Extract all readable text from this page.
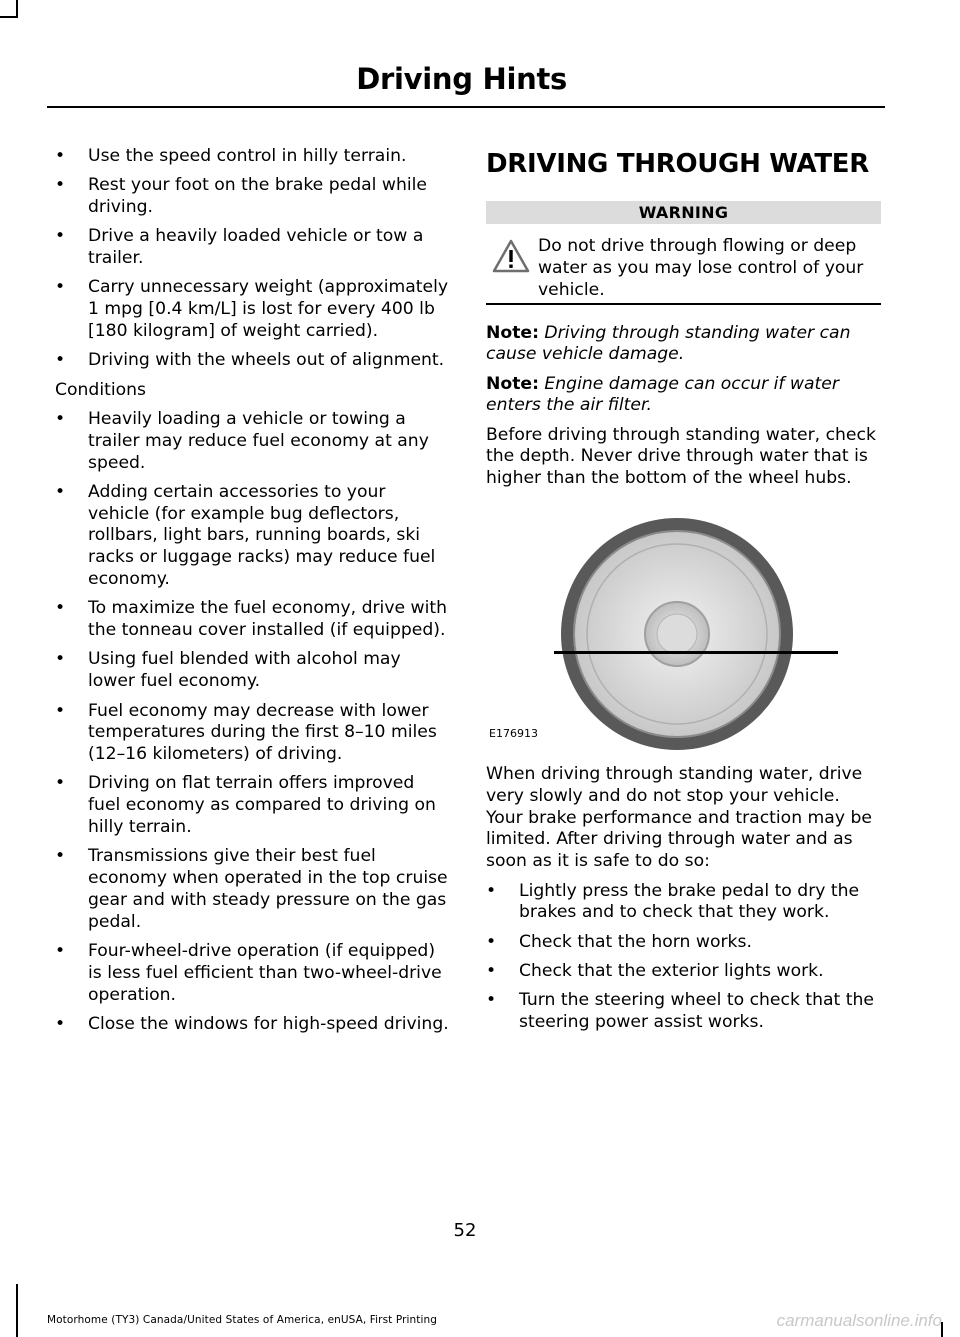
Driving Hints
• Use the speed control in hilly terrain.
• Rest your foot on the brake pedal while driving.
• Drive a heavily loaded vehicle or tow a trailer.
• Carry unnecessary weight (approximately 1 mpg [0.4 km/L] is lost for every 400 lb [180 kilogram] of weight carried).
• Driving with the wheels out of alignment.
Conditions
• Heavily loading a vehicle or towing a trailer may reduce fuel economy at any speed.
• Adding certain accessories to your vehicle (for example bug deflectors, rollbars, light bars, running boards, ski racks or luggage racks) may reduce fuel economy.
• To maximize the fuel economy, drive with the tonneau cover installed (if equipped).
• Using fuel blended with alcohol may lower fuel economy.
• Fuel economy may decrease with lower temperatures during the first 8–10 miles (12–16 kilometers) of driving.
• Driving on flat terrain offers improved fuel economy as compared to driving on hilly terrain.
• Transmissions give their best fuel economy when operated in the top cruise gear and with steady pressure on the gas pedal.
• Four-wheel-drive operation (if equipped) is less fuel efficient than two-wheel-drive operation.
• Close the windows for high-speed driving.
DRIVING THROUGH WATER
WARNING
Do not drive through flowing or deep water as you may lose control of your vehicle.
Note: Driving through standing water can cause vehicle damage.
Note: Engine damage can occur if water enters the air filter.
Before driving through standing water, check the depth. Never drive through water that is higher than the bottom of the wheel hubs.
E176913
When driving through standing water, drive very slowly and do not stop your vehicle. Your brake performance and traction may be limited. After driving through water and as soon as it is safe to do so:
• Lightly press the brake pedal to dry the brakes and to check that they work.
• Check that the horn works.
• Check that the exterior lights work.
• Turn the steering wheel to check that the steering power assist works.
52
Motorhome (TY3) Canada/United States of America, enUSA, First Printing	carmanualsonline.info
